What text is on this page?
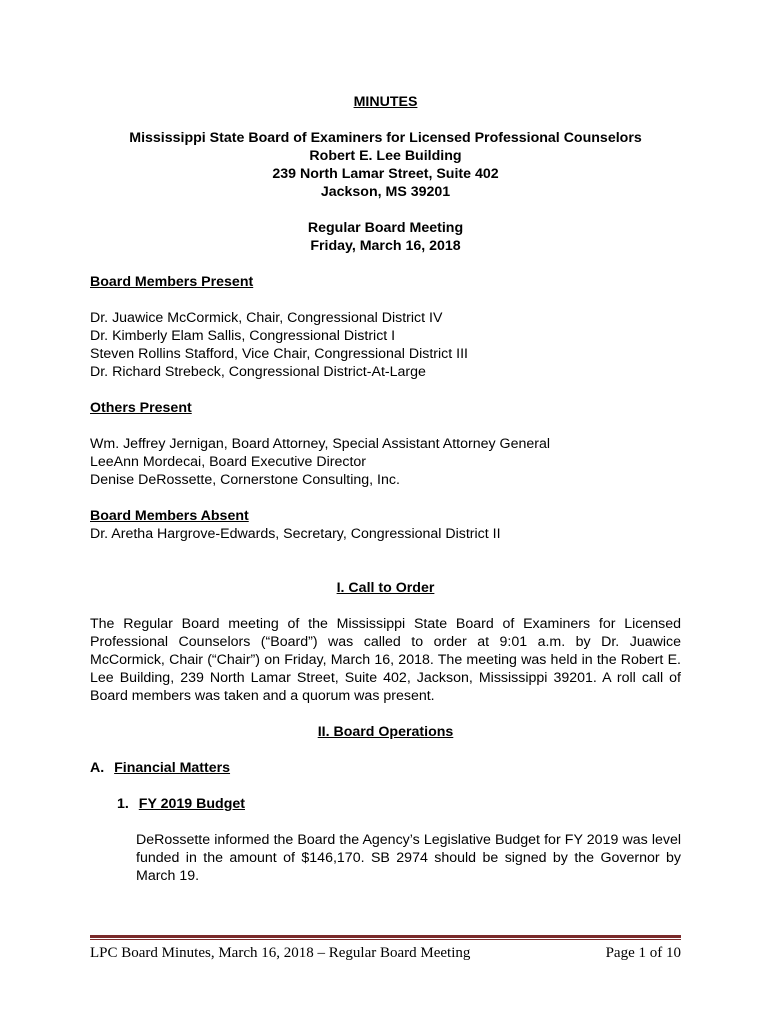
MINUTES
Mississippi State Board of Examiners for Licensed Professional Counselors
Robert E. Lee Building
239 North Lamar Street, Suite 402
Jackson, MS 39201
Regular Board Meeting
Friday, March 16, 2018
Board Members Present
Dr. Juawice McCormick, Chair, Congressional District IV
Dr. Kimberly Elam Sallis, Congressional District I
Steven Rollins Stafford, Vice Chair, Congressional District III
Dr. Richard Strebeck, Congressional District-At-Large
Others Present
Wm. Jeffrey Jernigan, Board Attorney, Special Assistant Attorney General
LeeAnn Mordecai, Board Executive Director
Denise DeRossette, Cornerstone Consulting, Inc.
Board Members Absent
Dr. Aretha Hargrove-Edwards, Secretary, Congressional District II
I. Call to Order

The Regular Board meeting of the Mississippi State Board of Examiners for Licensed Professional Counselors (“Board”) was called to order at 9:01 a.m. by Dr. Juawice McCormick, Chair (“Chair”) on Friday, March 16, 2018. The meeting was held in the Robert E. Lee Building, 239 North Lamar Street, Suite 402, Jackson, Mississippi 39201. A roll call of Board members was taken and a quorum was present.

II. Board Operations
A. Financial Matters
1. FY 2019 Budget

DeRossette informed the Board the Agency’s Legislative Budget for FY 2019 was level funded in the amount of $146,170. SB 2974 should be signed by the Governor by March 19.

LPC Board Minutes, March 16, 2018 – Regular Board Meeting	Page 1 of 10
